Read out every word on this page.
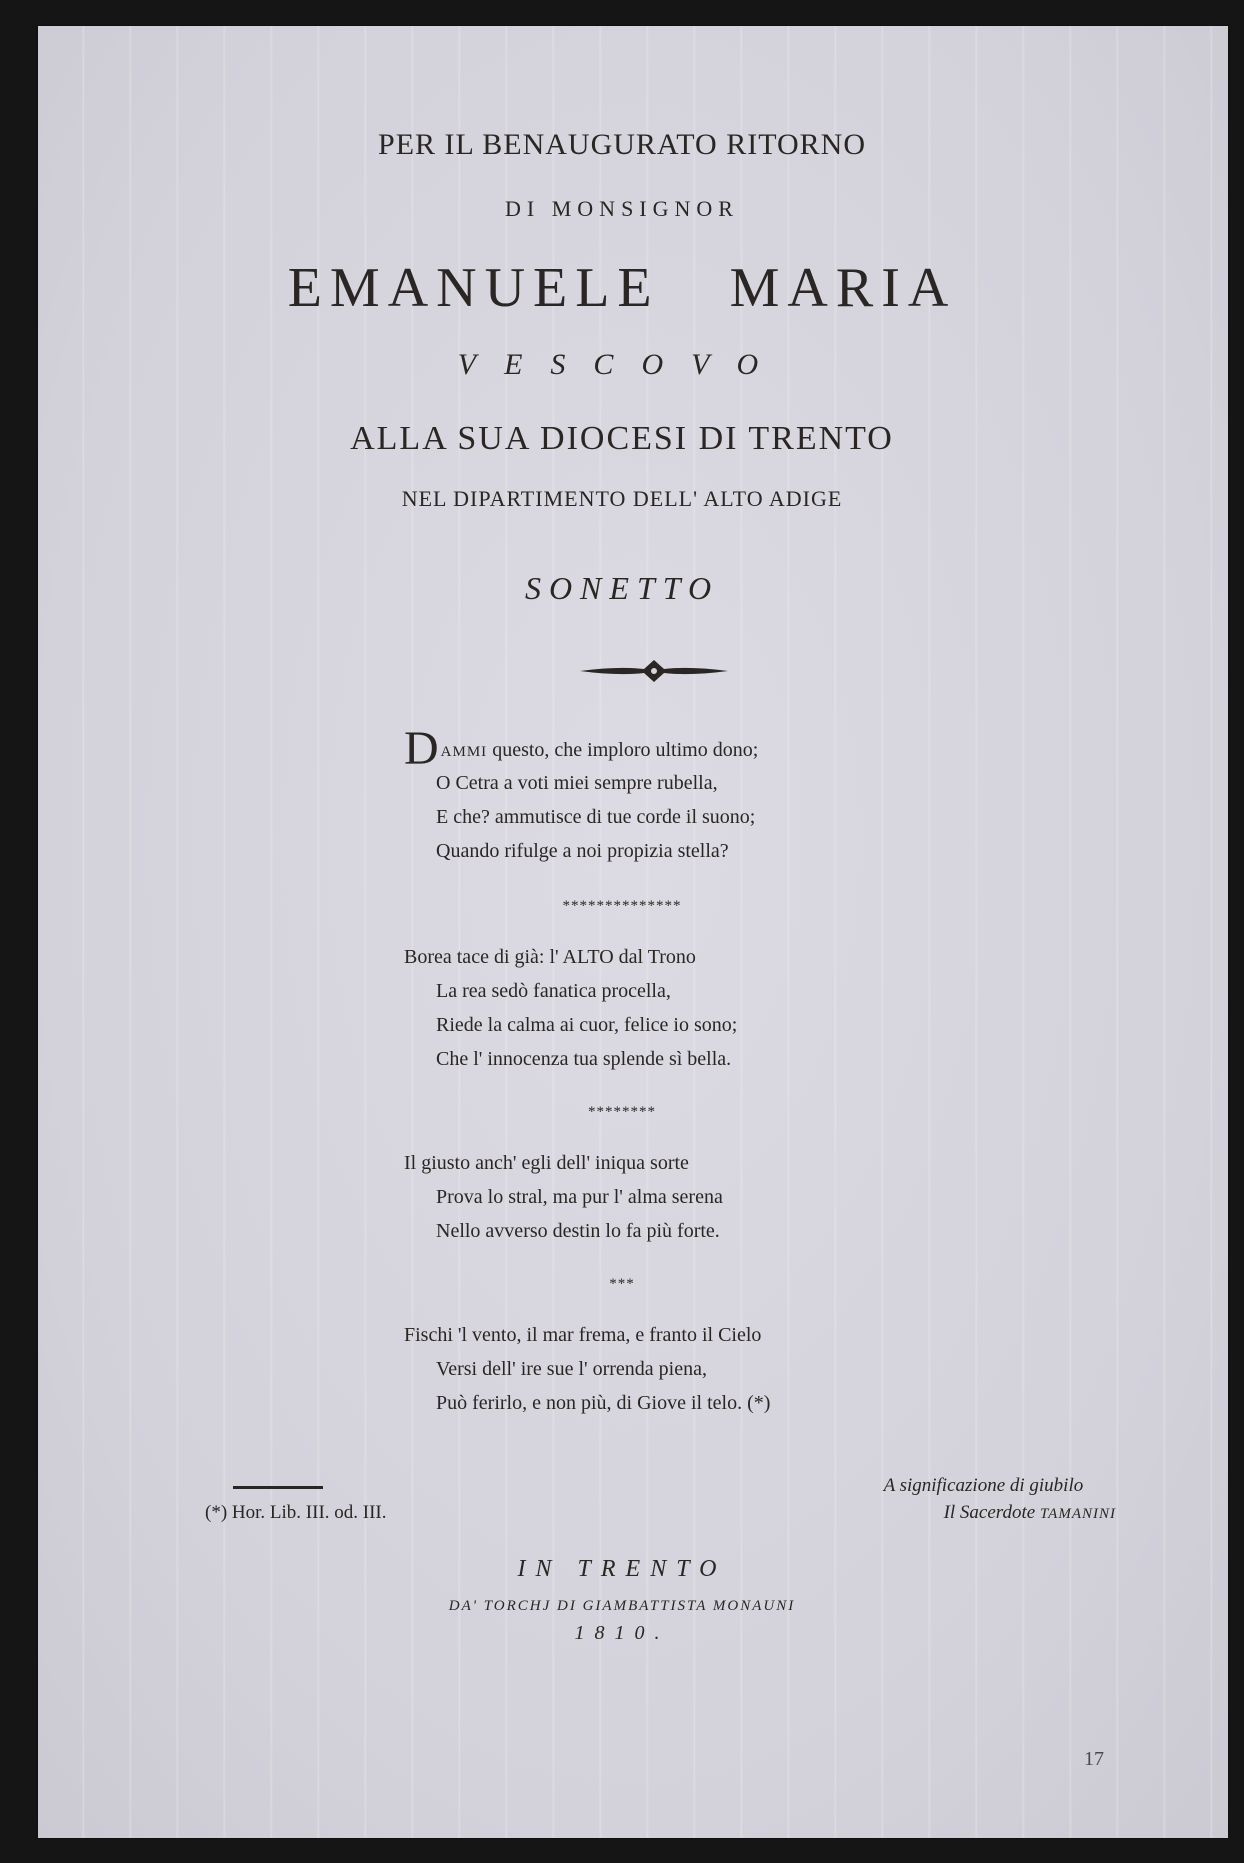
PER IL BENAUGURATO RITORNO
DI MONSIGNOR
EMANUELE MARIA
VESCOVO
ALLA SUA DIOCESI DI TRENTO
NEL DIPARTIMENTO DELL' ALTO ADIGE
SONETTO
DAMMI questo, che imploro ultimo dono;
O Cetra a voti miei sempre rubella,
E che? ammutisce di tue corde il suono;
Quando rifulge a noi propizia stella?
**************
Borea tace di già: l' ALTO dal Trono
La rea sedò fanatica procella,
Riede la calma ai cuor, felice io sono;
Che l' innocenza tua splende sì bella.
********
Il giusto anch' egli dell' iniqua sorte
Prova lo stral, ma pur l' alma serena
Nello avverso destin lo fa più forte.
***
Fischi 'l vento, il mar frema, e franto il Cielo
Versi dell' ire sue l' orrenda piena,
Può ferirlo, e non più, di Giove il telo. (*)
(*) Hor. Lib. III. od. III.
A significazione di giubilo
Il Sacerdote TAMANINI
IN TRENTO
DA' TORCHJ DI GIAMBATTISTA MONAUNI
1810.
17
